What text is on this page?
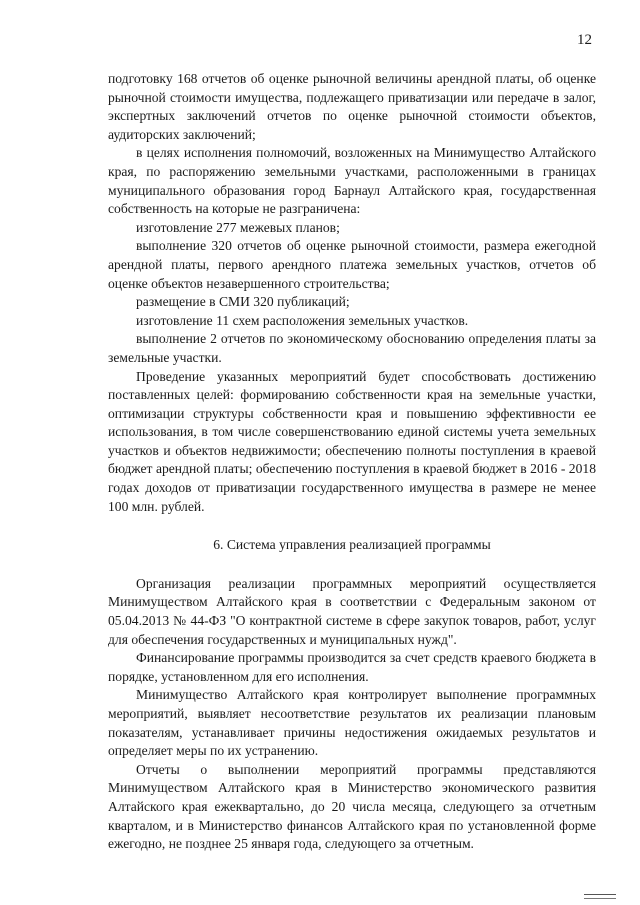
12

подготовку 168 отчетов об оценке рыночной величины арендной платы, об оценке рыночной стоимости имущества, подлежащего приватизации или передаче в залог, экспертных заключений отчетов по оценке рыночной стоимости объектов, аудиторских заключений;

в целях исполнения полномочий, возложенных на Минимущество Алтайского края, по распоряжению земельными участками, расположенными в границах муниципального образования город Барнаул Алтайского края, государственная собственность на которые не разграничена:

изготовление 277 межевых планов;

выполнение 320 отчетов об оценке рыночной стоимости, размера ежегодной арендной платы, первого арендного платежа земельных участков, отчетов об оценке объектов незавершенного строительства;

размещение в СМИ 320 публикаций;

изготовление 11 схем расположения земельных участков.

выполнение 2 отчетов по экономическому обоснованию определения платы за земельные участки.

Проведение указанных мероприятий будет способствовать достижению поставленных целей: формированию собственности края на земельные участки, оптимизации структуры собственности края и повышению эффективности ее использования, в том числе совершенствованию единой системы учета земельных участков и объектов недвижимости; обеспечению полноты поступления в краевой бюджет арендной платы; обеспечению поступления в краевой бюджет в 2016 - 2018 годах доходов от приватизации государственного имущества в размере не менее 100 млн. рублей.

6. Система управления реализацией программы

Организация реализации программных мероприятий осуществляется Минимуществом Алтайского края в соответствии с Федеральным законом от 05.04.2013 № 44-ФЗ "О контрактной системе в сфере закупок товаров, работ, услуг для обеспечения государственных и муниципальных нужд".

Финансирование программы производится за счет средств краевого бюджета в порядке, установленном для его исполнения.

Минимущество Алтайского края контролирует выполнение программных мероприятий, выявляет несоответствие результатов их реализации плановым показателям, устанавливает причины недостижения ожидаемых результатов и определяет меры по их устранению.

Отчеты о выполнении мероприятий программы представляются Минимуществом Алтайского края в Министерство экономического развития Алтайского края ежеквартально, до 20 числа месяца, следующего за отчетным кварталом, и в Министерство финансов Алтайского края по установленной форме ежегодно, не позднее 25 января года, следующего за отчетным.
